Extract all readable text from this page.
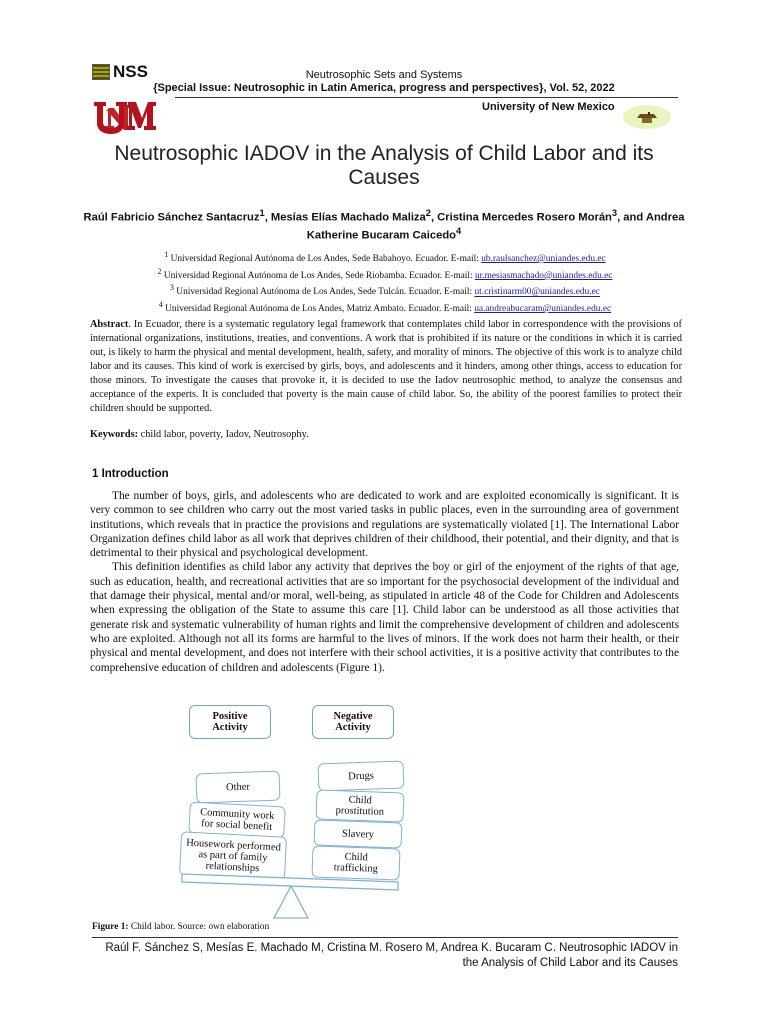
NSS	Neutrosophic Sets and Systems
{Special Issue: Neutrosophic in Latin America, progress and perspectives}, Vol. 52, 2022
University of New Mexico
Neutrosophic IADOV in the Analysis of Child Labor and its Causes
Raúl Fabricio Sánchez Santacruz$^1$, Mesías Elías Machado Maliza$^2$, Cristina Mercedes Rosero Morán$^3$, and Andrea Katherine Bucaram Caicedo$^4$
$^1$ Universidad Regional Autónoma de Los Andes, Sede Babahoyo. Ecuador. E-mail: ub.raulsanchez@uniandes.edu.ec
$^2$ Universidad Regional Autónoma de Los Andes, Sede Riobamba. Ecuador. E-mail: ur.mesiasmachado@uniandes.edu.ec
$^3$ Universidad Regional Autónoma de Los Andes, Sede Tulcán. Ecuador. E-mail: ut.cristinarm00@uniandes.edu.ec
$^4$ Universidad Regional Autónoma de Los Andes, Matriz Ambato. Ecuador. E-mail: ua.andreabucaram@uniandes.edu.ec
Abstract. In Ecuador, there is a systematic regulatory legal framework that contemplates child labor in correspondence with the provisions of international organizations, institutions, treaties, and conventions. A work that is prohibited if its nature or the conditions in which it is carried out, is likely to harm the physical and mental development, health, safety, and morality of minors. The objective of this work is to analyze child labor and its causes. This kind of work is exercised by girls, boys, and adolescents and it hinders, among other things, access to education for those minors. To investigate the causes that provoke it, it is decided to use the Iadov neutrosophic method, to analyze the consensus and acceptance of the experts. It is concluded that poverty is the main cause of child labor. So, the ability of the poorest families to protect their children should be supported.
Keywords: child labor, poverty, Iadov, Neutrosophy.
1 Introduction

The number of boys, girls, and adolescents who are dedicated to work and are exploited economically is significant. It is very common to see children who carry out the most varied tasks in public places, even in the surrounding area of government institutions, which reveals that in practice the provisions and regulations are systematically violated [1]. The International Labor Organization defines child labor as all work that deprives children of their childhood, their potential, and their dignity, and that is detrimental to their physical and psychological development.

This definition identifies as child labor any activity that deprives the boy or girl of the enjoyment of the rights of that age, such as education, health, and recreational activities that are so important for the psychosocial development of the individual and that damage their physical, mental and/or moral, well-being, as stipulated in article 48 of the Code for Children and Adolescents when expressing the obligation of the State to assume this care [1]. Child labor can be understood as all those activities that generate risk and systematic vulnerability of human rights and limit the comprehensive development of children and adolescents who are exploited. Although not all its forms are harmful to the lives of minors. If the work does not harm their health, or their physical and mental development, and does not interfere with their school activities, it is a positive activity that contributes to the comprehensive education of children and adolescents (Figure 1).

Positive Activity
Negative Activity
Other
Community work for social benefit
Housework performed as part of family relationships
Drugs
Child prostitution
Slavery
Child trafficking
Figure 1: Child labor. Source: own elaboration
Raúl F. Sánchez S, Mesías E. Machado M, Cristina M. Rosero M, Andrea K. Bucaram C. Neutrosophic IADOV in
the Analysis of Child Labor and its Causes
